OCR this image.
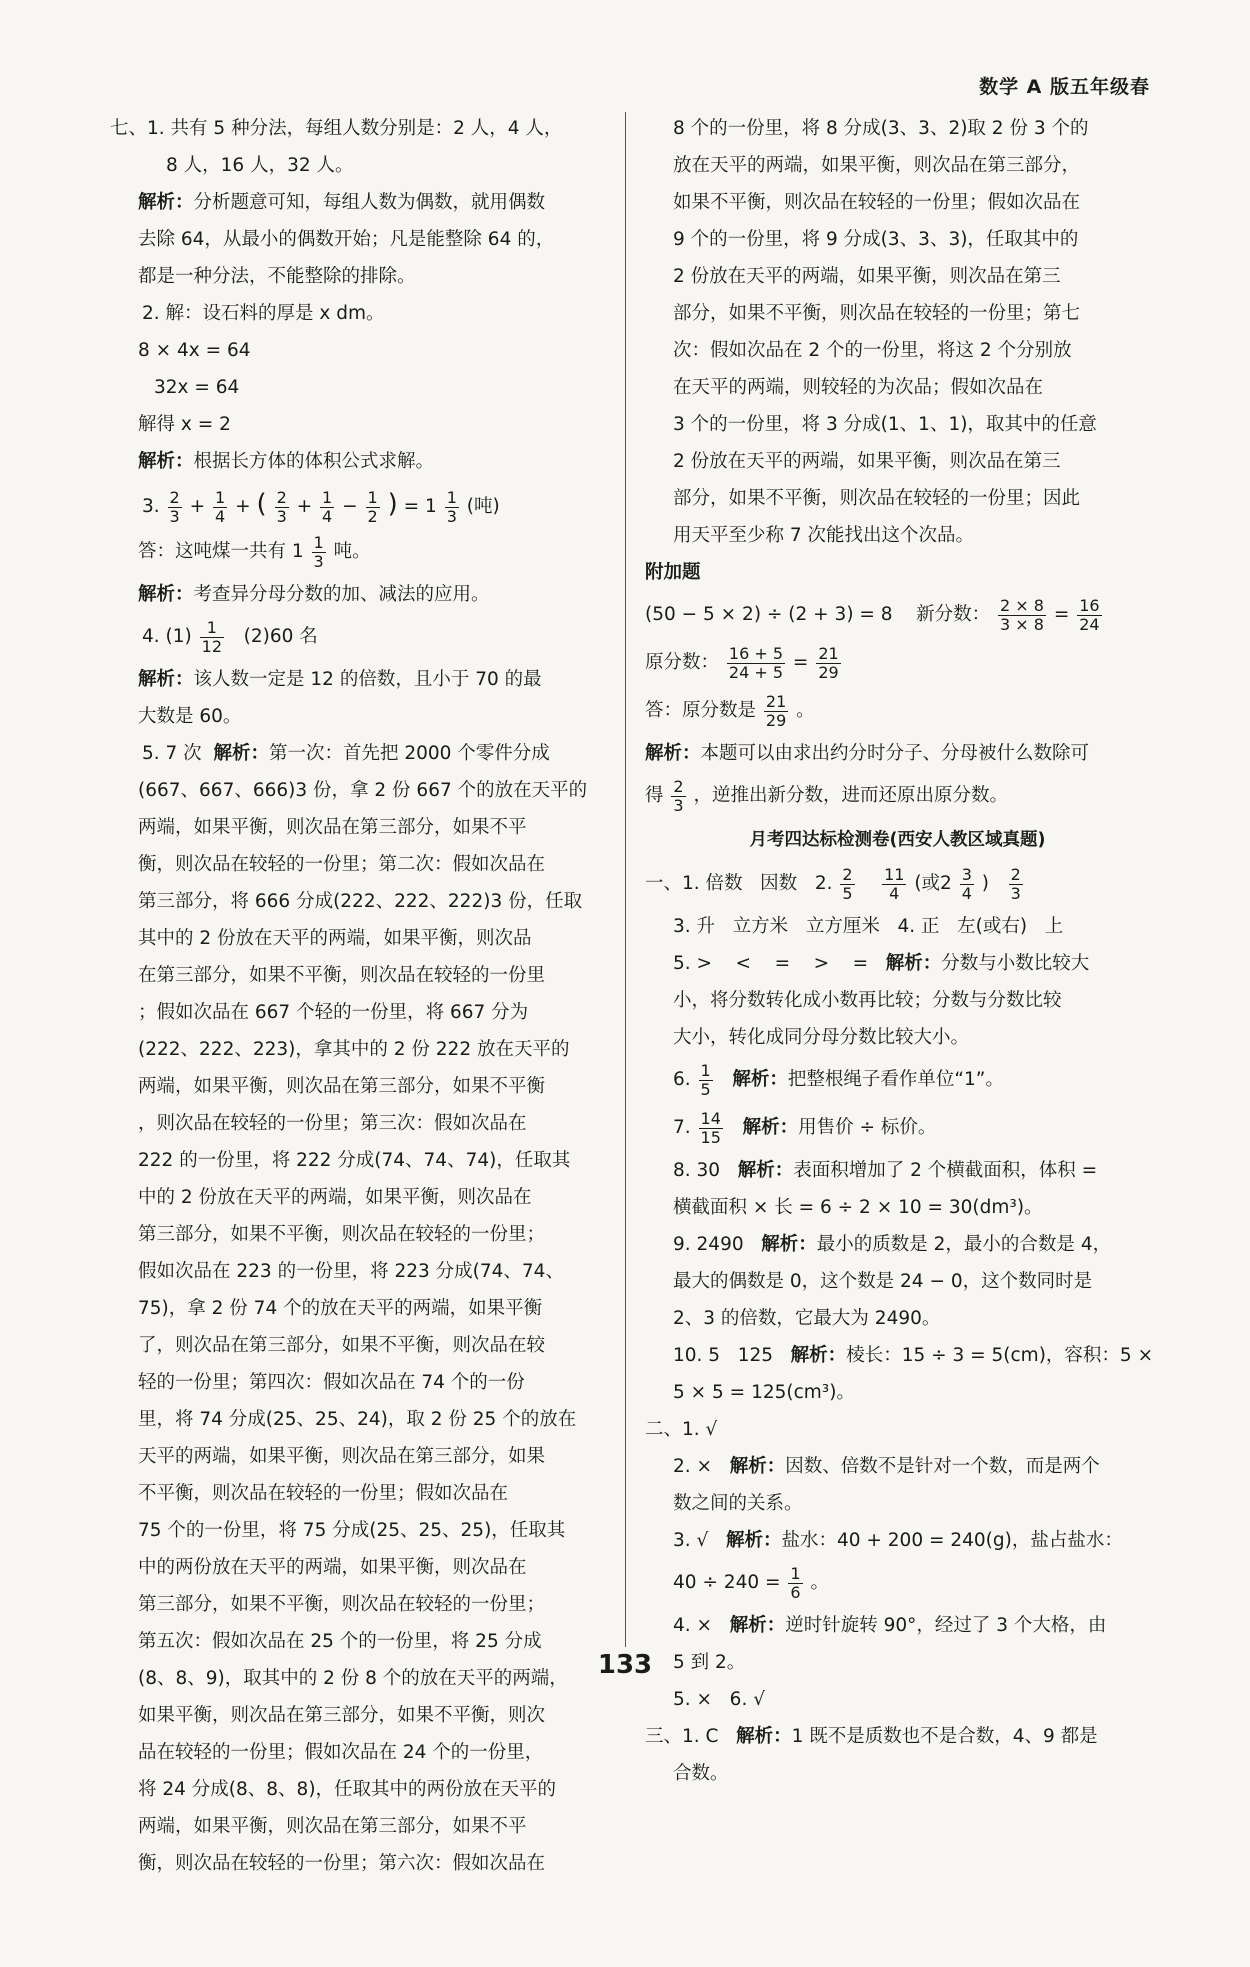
数学 A 版五年级春
七、1. 共有 5 种分法，每组人数分别是：2 人，4 人，
8 人，16 人，32 人。
解析：分析题意可知，每组人数为偶数，就用偶数
去除 64，从最小的偶数开始；凡是能整除 64 的，
都是一种分法，不能整除的排除。
2. 解：设石料的厚是 x dm。
8 × 4x = 64
32x = 64
解得 x = 2
解析：根据长方体的体积公式求解。
3. $\frac{2}{3} + \frac{1}{4}$ + ( $\frac{2}{3} + \frac{1}{4} - \frac{1}{2}$ ) = $1 \frac{1}{3}$ (吨)
答：这吨煤一共有 $1 \frac{1}{3}$ 吨。
解析：考查异分母分数的加、减法的应用。
4. $(1) \frac{1}{12} (2)60$ 名
解析：该人数一定是 12 的倍数，且小于 70 的最
大数是 60。
5. 7 次  解析：第一次：首先把 2000 个零件分成
(667、667、666)3 份，拿 2 份 667 个的放在天平的
两端，如果平衡，则次品在第三部分，如果不平
衡，则次品在较轻的一份里；第二次：假如次品在
第三部分，将 666 分成(222、222、222)3 份，任取
其中的 2 份放在天平的两端，如果平衡，则次品
在第三部分，如果不平衡，则次品在较轻的一份里
；假如次品在 667 个轻的一份里，将 667 分为
(222、222、223)，拿其中的 2 份 222 放在天平的
两端，如果平衡，则次品在第三部分，如果不平衡
，则次品在较轻的一份里；第三次：假如次品在
222 的一份里，将 222 分成(74、74、74)，任取其
中的 2 份放在天平的两端，如果平衡，则次品在
第三部分，如果不平衡，则次品在较轻的一份里；
假如次品在 223 的一份里，将 223 分成(74、74、
75)，拿 2 份 74 个的放在天平的两端，如果平衡
了，则次品在第三部分，如果不平衡，则次品在较
轻的一份里；第四次：假如次品在 74 个的一份
里，将 74 分成(25、25、24)，取 2 份 25 个的放在
天平的两端，如果平衡，则次品在第三部分，如果
不平衡，则次品在较轻的一份里；假如次品在
75 个的一份里，将 75 分成(25、25、25)，任取其
中的两份放在天平的两端，如果平衡，则次品在
第三部分，如果不平衡，则次品在较轻的一份里；
第五次：假如次品在 25 个的一份里，将 25 分成
(8、8、9)，取其中的 2 份 8 个的放在天平的两端，
如果平衡，则次品在第三部分，如果不平衡，则次
品在较轻的一份里；假如次品在 24 个的一份里，
将 24 分成(8、8、8)，任取其中的两份放在天平的
两端，如果平衡，则次品在第三部分，如果不平
衡，则次品在较轻的一份里；第六次：假如次品在
8 个的一份里，将 8 分成(3、3、2)取 2 份 3 个的
放在天平的两端，如果平衡，则次品在第三部分，
如果不平衡，则次品在较轻的一份里；假如次品在
9 个的一份里，将 9 分成(3、3、3)，任取其中的
2 份放在天平的两端，如果平衡，则次品在第三
部分，如果不平衡，则次品在较轻的一份里；第七
次：假如次品在 2 个的一份里，将这 2 个分别放
在天平的两端，则较轻的为次品；假如次品在
3 个的一份里，将 3 分成(1、1、1)，取其中的任意
2 份放在天平的两端，如果平衡，则次品在第三
部分，如果不平衡，则次品在较轻的一份里；因此
用天平至少称 7 次能找出这个次品。
附加题
(50 − 5 × 2) ÷ (2 + 3) = 8    新分数： $\frac{2 \times 8}{3 \times 8} = \frac{16}{24}$
原分数： $\frac{16 + 5}{24 + 5} = \frac{21}{29}$
答：原分数是 $\frac{21}{29}$ 。
解析：本题可以由求出约分时分子、分母被什么数除可
得 $\frac{2}{3}$ ，逆推出新分数，进而还原出原分数。
月考四达标检测卷(西安人教区域真题)
一、1. 倍数   因数   2. $\frac{2}{5}$
$\frac{11}{4}$ (或$2 \frac{3}{4}$ ) $\frac{2}{3}$
3. 升   立方米   立方厘米   4. 正   左(或右)   上
5. >    <    =    >    =   解析：分数与小数比较大
小，将分数转化成小数再比较；分数与分数比较
大小，转化成同分母分数比较大小。
6. $\frac{1}{5}$ 解析：把整根绳子看作单位“1”。
7. $\frac{14}{15}$ 解析：用售价 ÷ 标价。
8. 30   解析：表面积增加了 2 个横截面积，体积 =
横截面积 × 长 = 6 ÷ 2 × 10 = 30(dm³)。
9. 2490   解析：最小的质数是 2，最小的合数是 4，
最大的偶数是 0，这个数是 24 − 0，这个数同时是
2、3 的倍数，它最大为 2490。
10. 5   125   解析：棱长：15 ÷ 3 = 5(cm)，容积：5 ×
5 × 5 = 125(cm³)。
二、1. √
2. ×   解析：因数、倍数不是针对一个数，而是两个
数之间的关系。
3. √   解析：盐水：40 + 200 = 240(g)，盐占盐水：
$40 \div 240 = \frac{1}{6}$ 。
4. ×   解析：逆时针旋转 90°，经过了 3 个大格，由
5 到 2。
5. ×   6. √
三、1. C   解析：1 既不是质数也不是合数，4、9 都是
合数。
133
